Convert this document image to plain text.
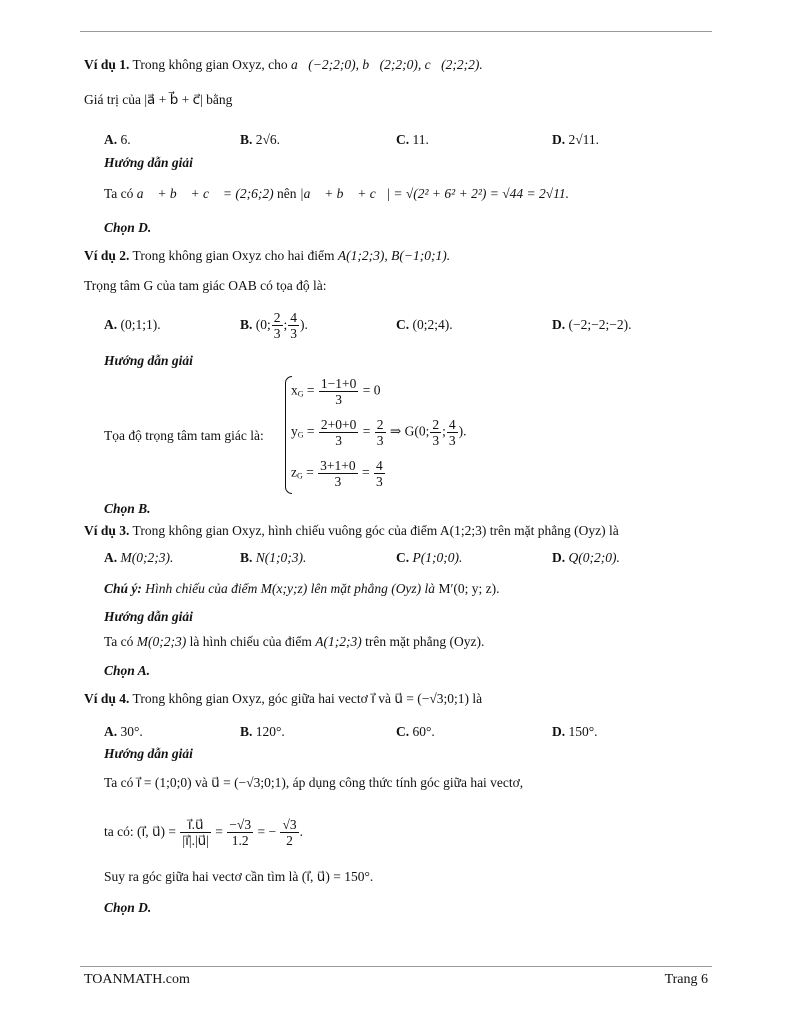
Ví dụ 1. Trong không gian Oxyz, cho a⃗(−2;2;0), b⃗(2;2;0), c⃗(2;2;2).
Giá trị của |a⃗ + b⃗ + c⃗| bằng
A. 6.	B. 2√6.	C. 11.	D. 2√11.
Hướng dẫn giải
Ta có a⃗ + b⃗ + c⃗ = (2;6;2) nên |a⃗ + b⃗ + c⃗| = √(2² + 6² + 2²) = √44 = 2√11.
Chọn D.
Ví dụ 2. Trong không gian Oxyz cho hai điểm A(1;2;3), B(−1;0;1).
Trọng tâm G của tam giác OAB có tọa độ là:
A. (0;1;1).	B. (0; $\frac{2}{3}$ ; $\frac{4}{3}$ ).	C. (0;2;4).	D. (−2;−2;−2).
Hướng dẫn giải
Tọa độ trọng tâm tam giác là:
$x_G = \frac{1-1+0}{3} = 0$
$y_G = \frac{2+0+0}{3} = \frac{2}{3}$ ⇒ G(0; $\frac{2}{3}$ ; $\frac{4}{3}$ ).
$z_G = \frac{3+1+0}{3} = \frac{4}{3}$
Chọn B.
Ví dụ 3. Trong không gian Oxyz, hình chiếu vuông góc của điểm A(1;2;3) trên mặt phẳng (Oyz) là
A. M(0;2;3).	B. N(1;0;3).	C. P(1;0;0).	D. Q(0;2;0).
Chú ý: Hình chiếu của điểm M(x;y;z) lên mặt phẳng (Oyz) là M′(0; y; z).
Hướng dẫn giải
Ta có M(0;2;3) là hình chiếu của điểm A(1;2;3) trên mặt phẳng (Oyz).
Chọn A.
Ví dụ 4. Trong không gian Oxyz, góc giữa hai vectơ i⃗ và u⃗ = (−√3;0;1) là
A. 30°.	B. 120°.	C. 60°.	D. 150°.
Hướng dẫn giải
Ta có i⃗ = (1;0;0) và u⃗ = (−√3;0;1), áp dụng công thức tính góc giữa hai vectơ,
ta có: (i⃗, u⃗) = $\frac{i⃗.u⃗}{|i⃗|.|u⃗|} = \frac{-√3}{1.2}$ = − $\frac{√3}{2}$ .
Suy ra góc giữa hai vectơ cần tìm là (i⃗, u⃗) = 150°.
Chọn D.
TOANMATH.com	Trang 6
